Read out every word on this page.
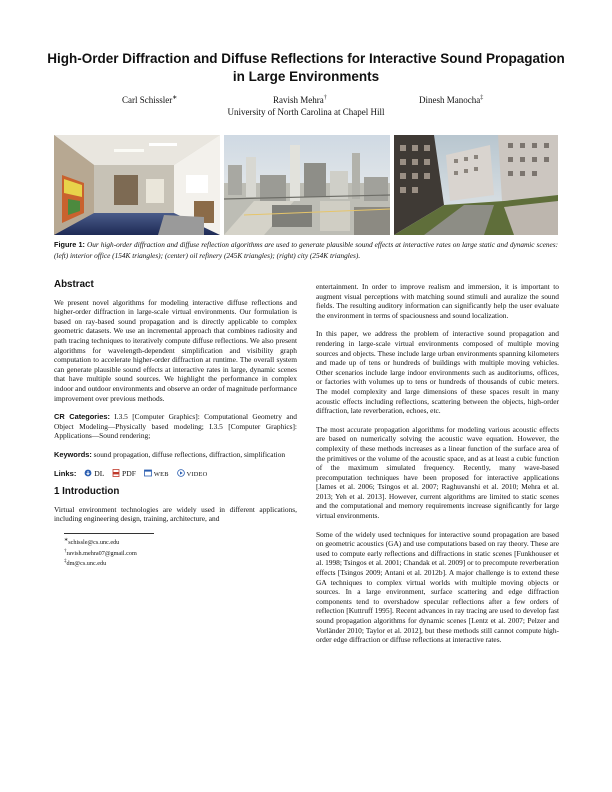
High-Order Diffraction and Diffuse Reflections for Interactive Sound Propagation in Large Environments
Carl Schissler∗	Ravish Mehra†	Dinesh Manocha‡
University of North Carolina at Chapel Hill
Figure 1: Our high-order diffraction and diffuse reflection algorithms are used to generate plausible sound effects at interactive rates on large static and dynamic scenes: (left) interior office (154K triangles); (center) oil refinery (245K triangles); (right) city (254K triangles).
Abstract
We present novel algorithms for modeling interactive diffuse reflections and higher-order diffraction in large-scale virtual environments. Our formulation is based on ray-based sound propagation and is directly applicable to complex geometric datasets. We use an incremental approach that combines radiosity and path tracing techniques to iteratively compute diffuse reflections. We also present algorithms for wavelength-dependent simplification and visibility graph computation to accelerate higher-order diffraction at runtime. The overall system can generate plausible sound effects at interactive rates in large, dynamic scenes that have multiple sound sources. We highlight the performance in complex indoor and outdoor environments and observe an order of magnitude performance improvement over previous methods.
CR Categories: I.3.5 [Computer Graphics]: Computational Geometry and Object Modeling—Physically based modeling; I.3.5 [Computer Graphics]: Applications—Sound rendering;
Keywords: sound propagation, diffuse reflections, diffraction, simplification
Links: DL PDF	WEB	VIDEO
1 Introduction
Virtual environment technologies are widely used in different applications, including engineering design, training, architecture, and
∗schissle@cs.unc.edu
†ravish.mehra07@gmail.com
‡dm@cs.unc.edu
entertainment. In order to improve realism and immersion, it is important to augment visual perceptions with matching sound stimuli and auralize the sound fields. The resulting auditory information can significantly help the user evaluate the environment in terms of spaciousness and sound localization.
In this paper, we address the problem of interactive sound propagation and rendering in large-scale virtual environments composed of multiple moving sources and objects. These include large urban environments spanning kilometers and made up of tens or hundreds of buildings with multiple moving vehicles. Other scenarios include large indoor environments such as auditoriums, offices, or factories with volumes up to tens or hundreds of thousands of cubic meters. The model complexity and large dimensions of these spaces result in many acoustic effects including reflections, scattering between the objects, high-order diffraction, late reverberation, echoes, etc.
The most accurate propagation algorithms for modeling various acoustic effects are based on numerically solving the acoustic wave equation. However, the complexity of these methods increases as a linear function of the surface area of the primitives or the volume of the acoustic space, and as at least a cubic function of the maximum simulated frequency. Recently, many wave-based precomputation techniques have been proposed for interactive applications [James et al. 2006; Tsingos et al. 2007; Raghuvanshi et al. 2010; Mehra et al. 2013; Yeh et al. 2013]. However, current algorithms are limited to static scenes and the computational and memory requirements increase significantly for large virtual environments.
Some of the widely used techniques for interactive sound propagation are based on geometric acoustics (GA) and use computations based on ray theory. These are used to compute early reflections and diffractions in static scenes [Funkhouser et al. 1998; Tsingos et al. 2001; Chandak et al. 2009] or to precompute reverberation effects [Tsingos 2009; Antani et al. 2012b]. A major challenge is to extend these GA techniques to complex virtual worlds with multiple moving objects or sources. In a large environment, surface scattering and edge diffraction components tend to overshadow specular reflections after a few orders of reflection [Kuttruff 1995]. Recent advances in ray tracing are used to develop fast sound propagation algorithms for dynamic scenes [Lentz et al. 2007; Pelzer and Vorländer 2010; Taylor et al. 2012], but these methods still cannot compute high-order edge diffraction or diffuse reflections at interactive rates.
